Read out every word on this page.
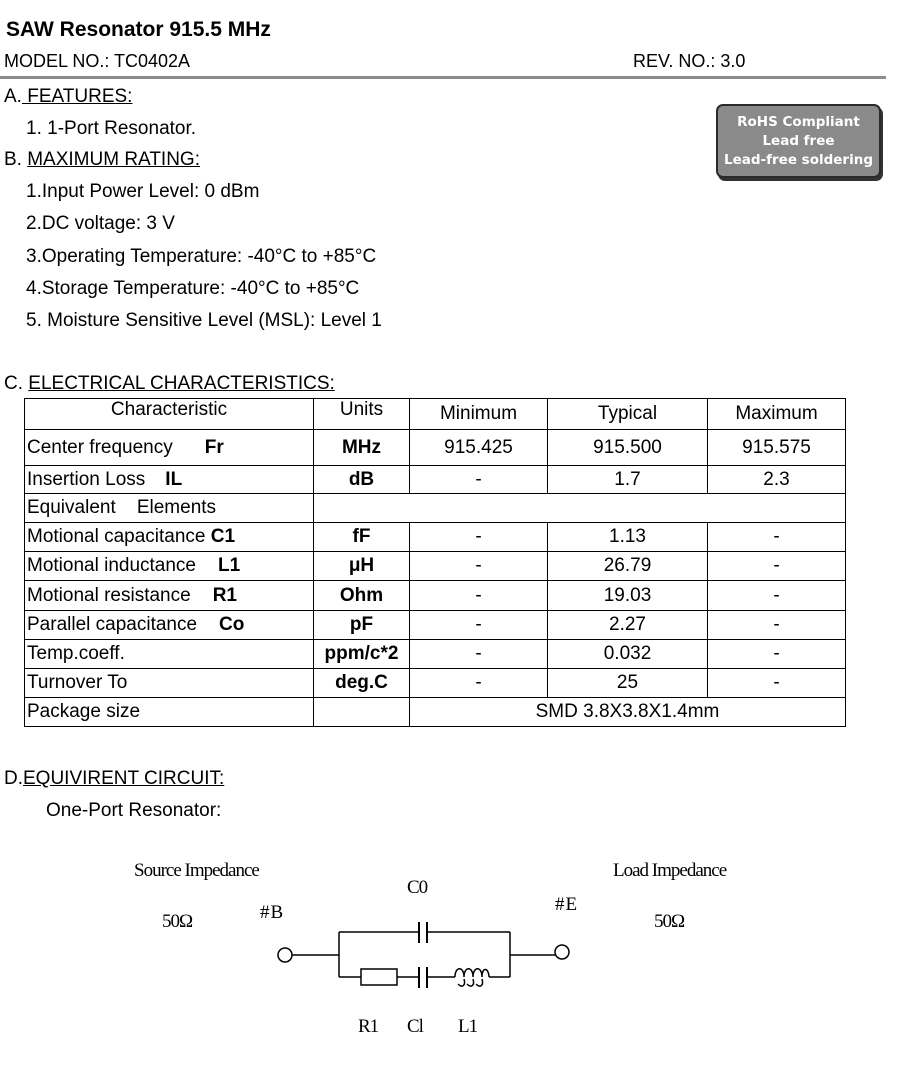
SAW Resonator 915.5 MHz
MODEL NO.: TC0402A	REV. NO.: 3.0
RoHS Compliant
Lead free
Lead-free soldering
A. FEATURES:
1. 1-Port Resonator.
B. MAXIMUM RATING:
1.Input Power Level: 0 dBm
2.DC voltage: 3 V
3.Operating Temperature: -40°C to +85°C
4.Storage Temperature: -40°C to +85°C
5. Moisture Sensitive Level (MSL): Level 1
C. ELECTRICAL CHARACTERISTICS:
Characteristic	Units	Minimum	Typical	Maximum
Center frequency Fr	MHz	915.425	915.500	915.575
Insertion Loss IL	dB	-	1.7	2.3
Equivalent    Elements				
Motional capacitance C1	fF	-	1.13	-
Motional inductance L1	μH	-	26.79	-
Motional resistance R1	Ohm	-	19.03	-
Parallel capacitance Co	pF	-	2.27	-
Temp.coeff.	ppm/c*2	-	0.032	-
Turnover To	deg.C	-	25	-
Package size		SMD 3.8X3.8X1.4mm		
D.EQUIVIRENT CIRCUIT:
One-Port Resonator:
Source Impedance
50Ω
Load Impedance
50Ω
#B	#E
C0
R1 Cl L1
